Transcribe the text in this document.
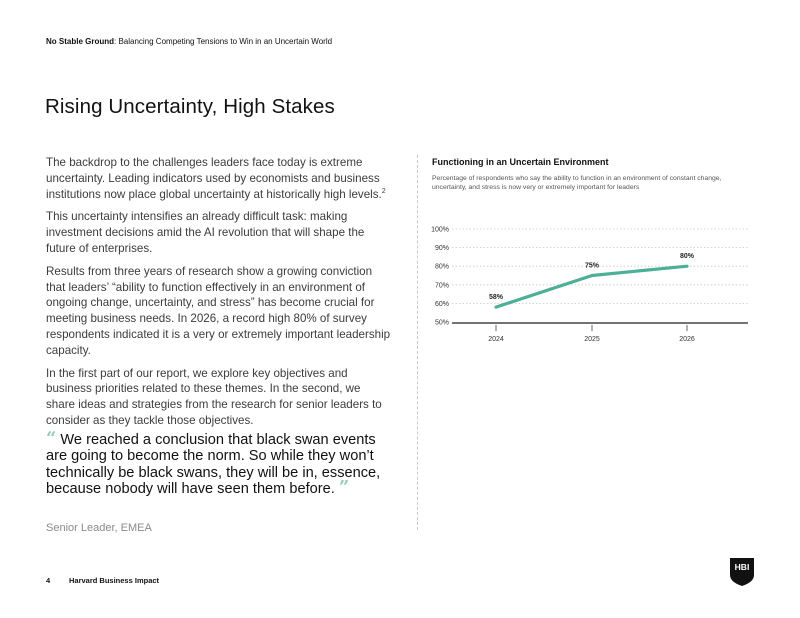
No Stable Ground: Balancing Competing Tensions to Win in an Uncertain World
Rising Uncertainty, High Stakes

The backdrop to the challenges leaders face today is extreme uncertainty. Leading indicators used by economists and business institutions now place global uncertainty at historically high levels.$^2$

This uncertainty intensifies an already difficult task: making investment decisions amid the AI revolution that will shape the future of enterprises.

Results from three years of research show a growing conviction that leaders’ “ability to function effectively in an environment of ongoing change, uncertainty, and stress” has become crucial for meeting business needs. In 2026, a record high 80% of survey respondents indicated it is a very or extremely important leadership capacity.

In the first part of our report, we explore key objectives and business priorities related to these themes. In the second, we share ideas and strategies from the research for senior leaders to consider as they tackle those objectives.

“ We reached a conclusion that black swan events are going to become the norm. So while they won’t technically be black swans, they will be in, essence, because nobody will have seen them before. ”
Senior Leader, EMEA
Functioning in an Uncertain Environment
Percentage of respondents who say the ability to function in an environment of constant change, uncertainty, and stress is now very or extremely important for leaders
100%
90%
80%
70%
60%
50%
2024	2025	2026
58%
75%
80%
4	Harvard Business Impact
HBI
